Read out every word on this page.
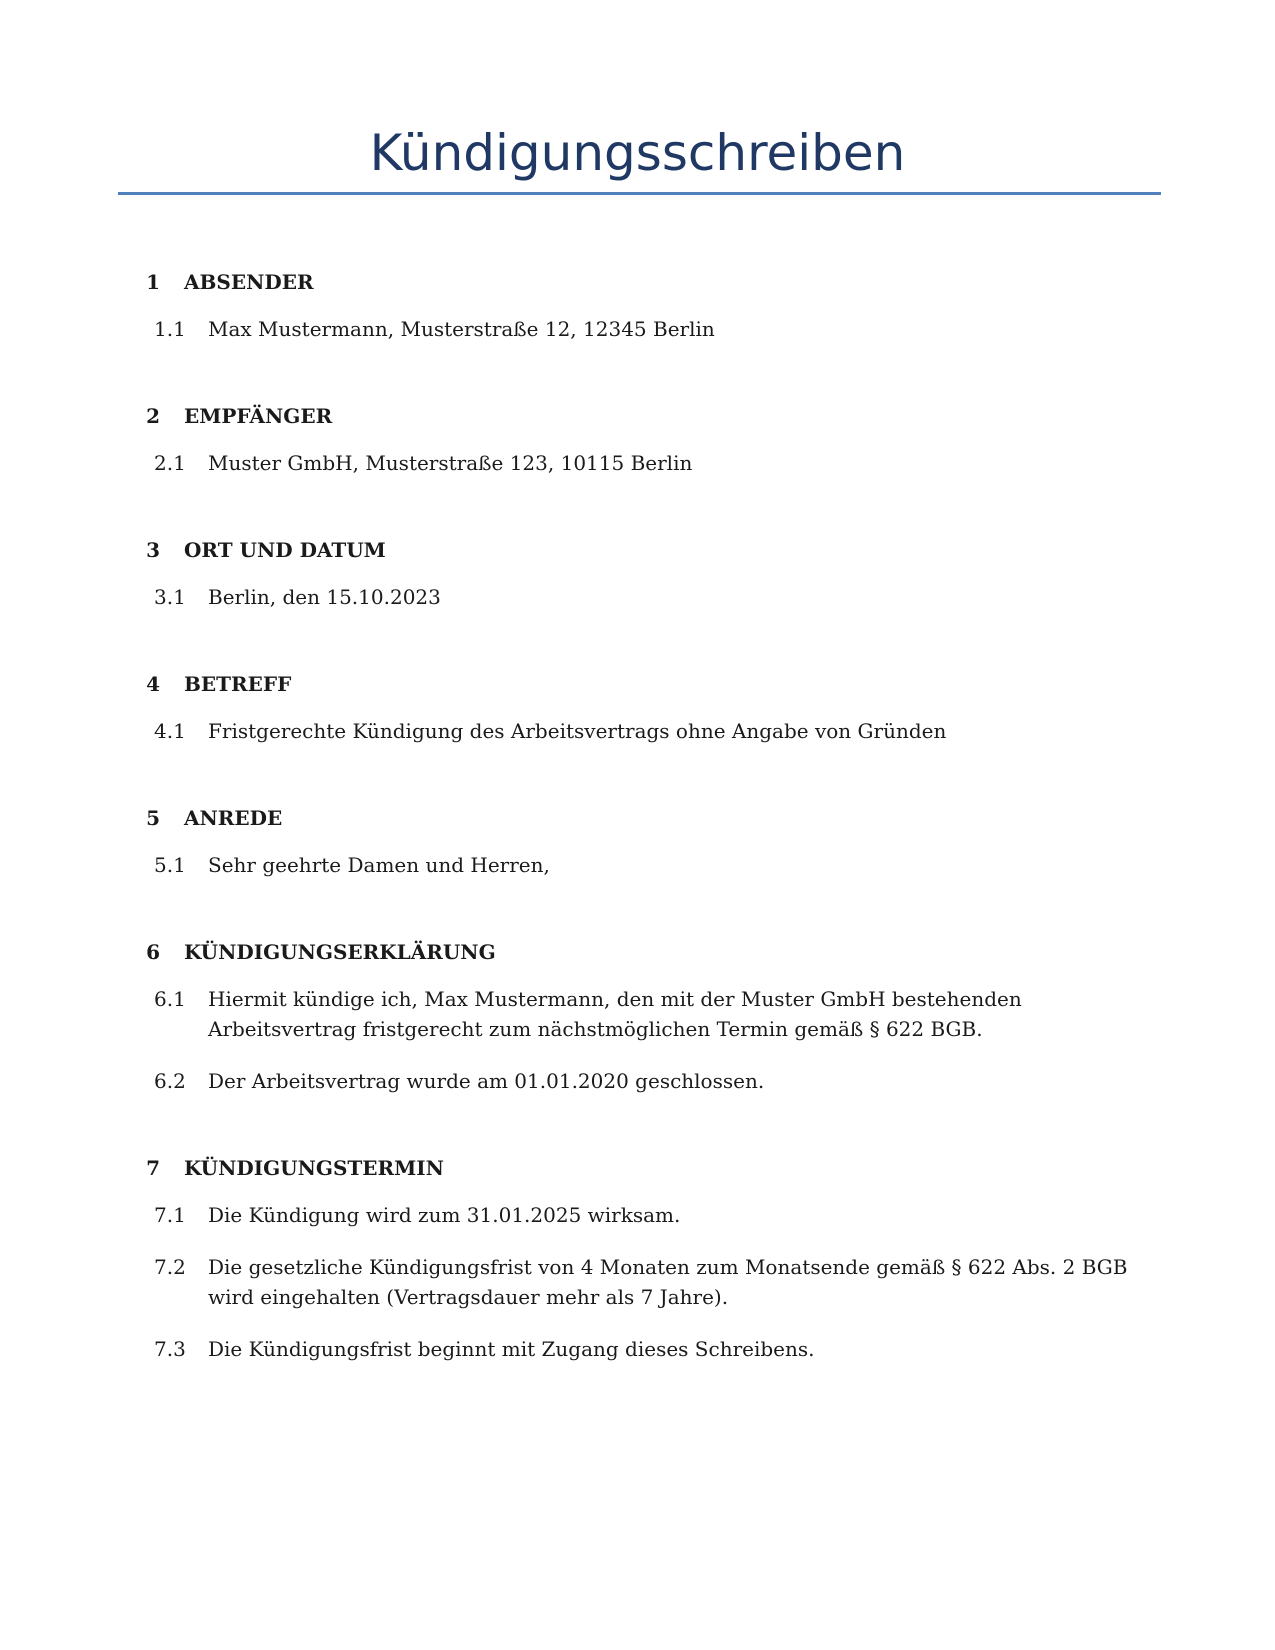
Kündigungsschreiben
1	ABSENDER
1.1	Max Mustermann, Musterstraße 12, 12345 Berlin
2	EMPFÄNGER
2.1	Muster GmbH, Musterstraße 123, 10115 Berlin
3	ORT UND DATUM
3.1	Berlin, den 15.10.2023
4	BETREFF
4.1	Fristgerechte Kündigung des Arbeitsvertrags ohne Angabe von Gründen
5	ANREDE
5.1	Sehr geehrte Damen und Herren,
6	KÜNDIGUNGSERKLÄRUNG
6.1	Hiermit kündige ich, Max Mustermann, den mit der Muster GmbH bestehenden Arbeitsvertrag fristgerecht zum nächstmöglichen Termin gemäß § 622 BGB.
6.2	Der Arbeitsvertrag wurde am 01.01.2020 geschlossen.
7	KÜNDIGUNGSTERMIN
7.1	Die Kündigung wird zum 31.01.2025 wirksam.
7.2	Die gesetzliche Kündigungsfrist von 4 Monaten zum Monatsende gemäß § 622 Abs. 2 BGB wird eingehalten (Vertragsdauer mehr als 7 Jahre).
7.3	Die Kündigungsfrist beginnt mit Zugang dieses Schreibens.
